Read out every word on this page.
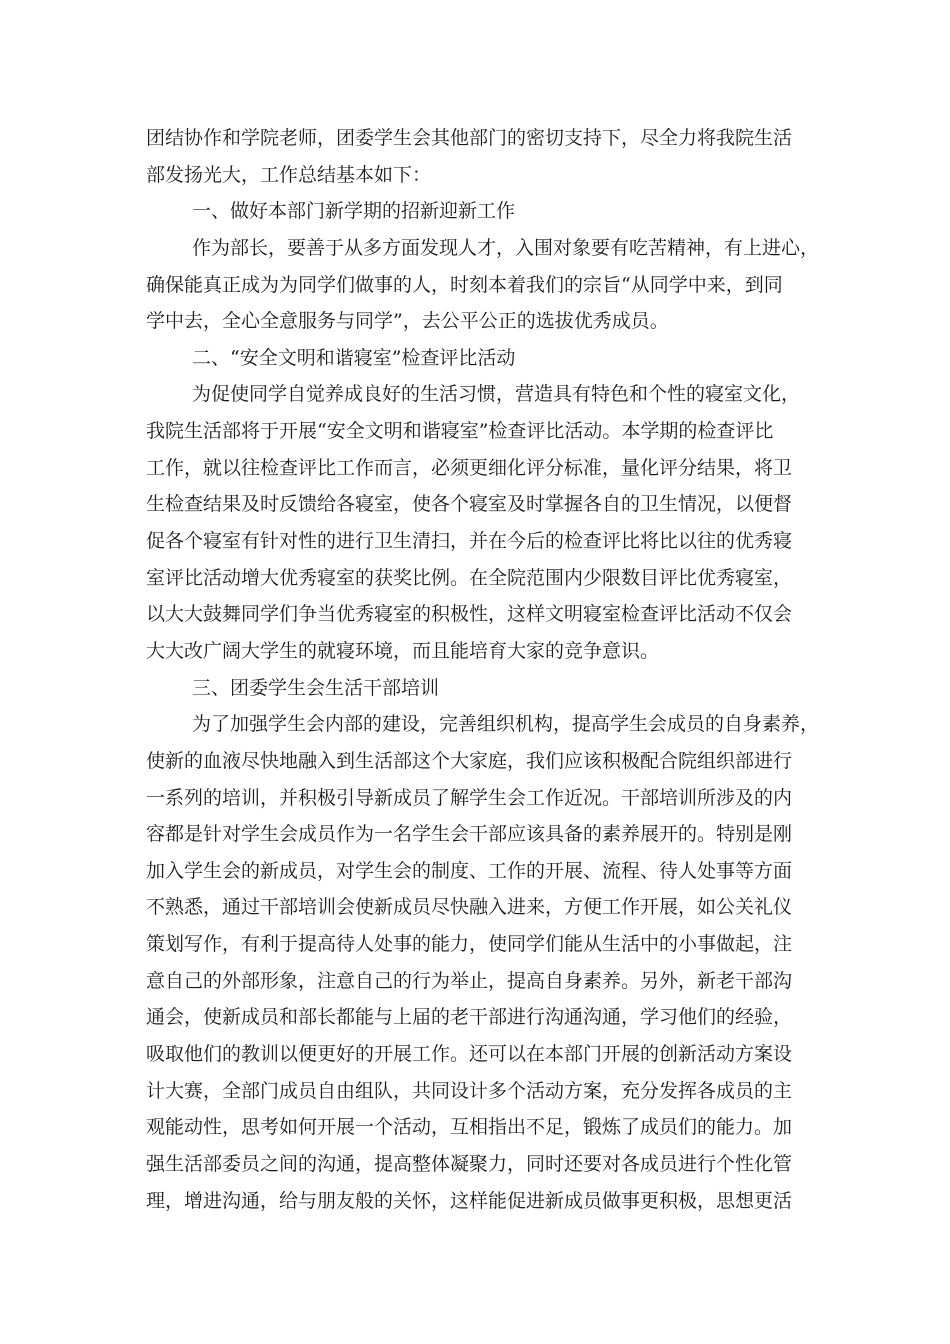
团结协作和学院老师，团委学生会其他部门的密切支持下，尽全力将我院生活
部发扬光大，工作总结基本如下：
一、做好本部门新学期的招新迎新工作
作为部长，要善于从多方面发现人才，入围对象要有吃苦精神，有上进心，
确保能真正成为为同学们做事的人，时刻本着我们的宗旨“从同学中来，到同
学中去，全心全意服务与同学”，去公平公正的选拔优秀成员。
二、“安全文明和谐寝室”检查评比活动
为促使同学自觉养成良好的生活习惯，营造具有特色和个性的寝室文化，
我院生活部将于开展“安全文明和谐寝室”检查评比活动。本学期的检查评比
工作，就以往检查评比工作而言，必须更细化评分标准，量化评分结果，将卫
生检查结果及时反馈给各寝室，使各个寝室及时掌握各自的卫生情况，以便督
促各个寝室有针对性的进行卫生清扫，并在今后的检查评比将比以往的优秀寝
室评比活动增大优秀寝室的获奖比例。在全院范围内少限数目评比优秀寝室，
以大大鼓舞同学们争当优秀寝室的积极性，这样文明寝室检查评比活动不仅会
大大改广阔大学生的就寝环境，而且能培育大家的竞争意识。
三、团委学生会生活干部培训
为了加强学生会内部的建设，完善组织机构，提高学生会成员的自身素养，
使新的血液尽快地融入到生活部这个大家庭，我们应该积极配合院组织部进行
一系列的培训，并积极引导新成员了解学生会工作近况。干部培训所涉及的内
容都是针对学生会成员作为一名学生会干部应该具备的素养展开的。特别是刚
加入学生会的新成员，对学生会的制度、工作的开展、流程、待人处事等方面
不熟悉，通过干部培训会使新成员尽快融入进来，方便工作开展，如公关礼仪
策划写作，有利于提高待人处事的能力，使同学们能从生活中的小事做起，注
意自己的外部形象，注意自己的行为举止，提高自身素养。另外，新老干部沟
通会，使新成员和部长都能与上届的老干部进行沟通沟通，学习他们的经验，
吸取他们的教训以便更好的开展工作。还可以在本部门开展的创新活动方案设
计大赛，全部门成员自由组队，共同设计多个活动方案，充分发挥各成员的主
观能动性，思考如何开展一个活动，互相指出不足，锻炼了成员们的能力。加
强生活部委员之间的沟通，提高整体凝聚力，同时还要对各成员进行个性化管
理，增进沟通，给与朋友般的关怀，这样能促进新成员做事更积极，思想更活
